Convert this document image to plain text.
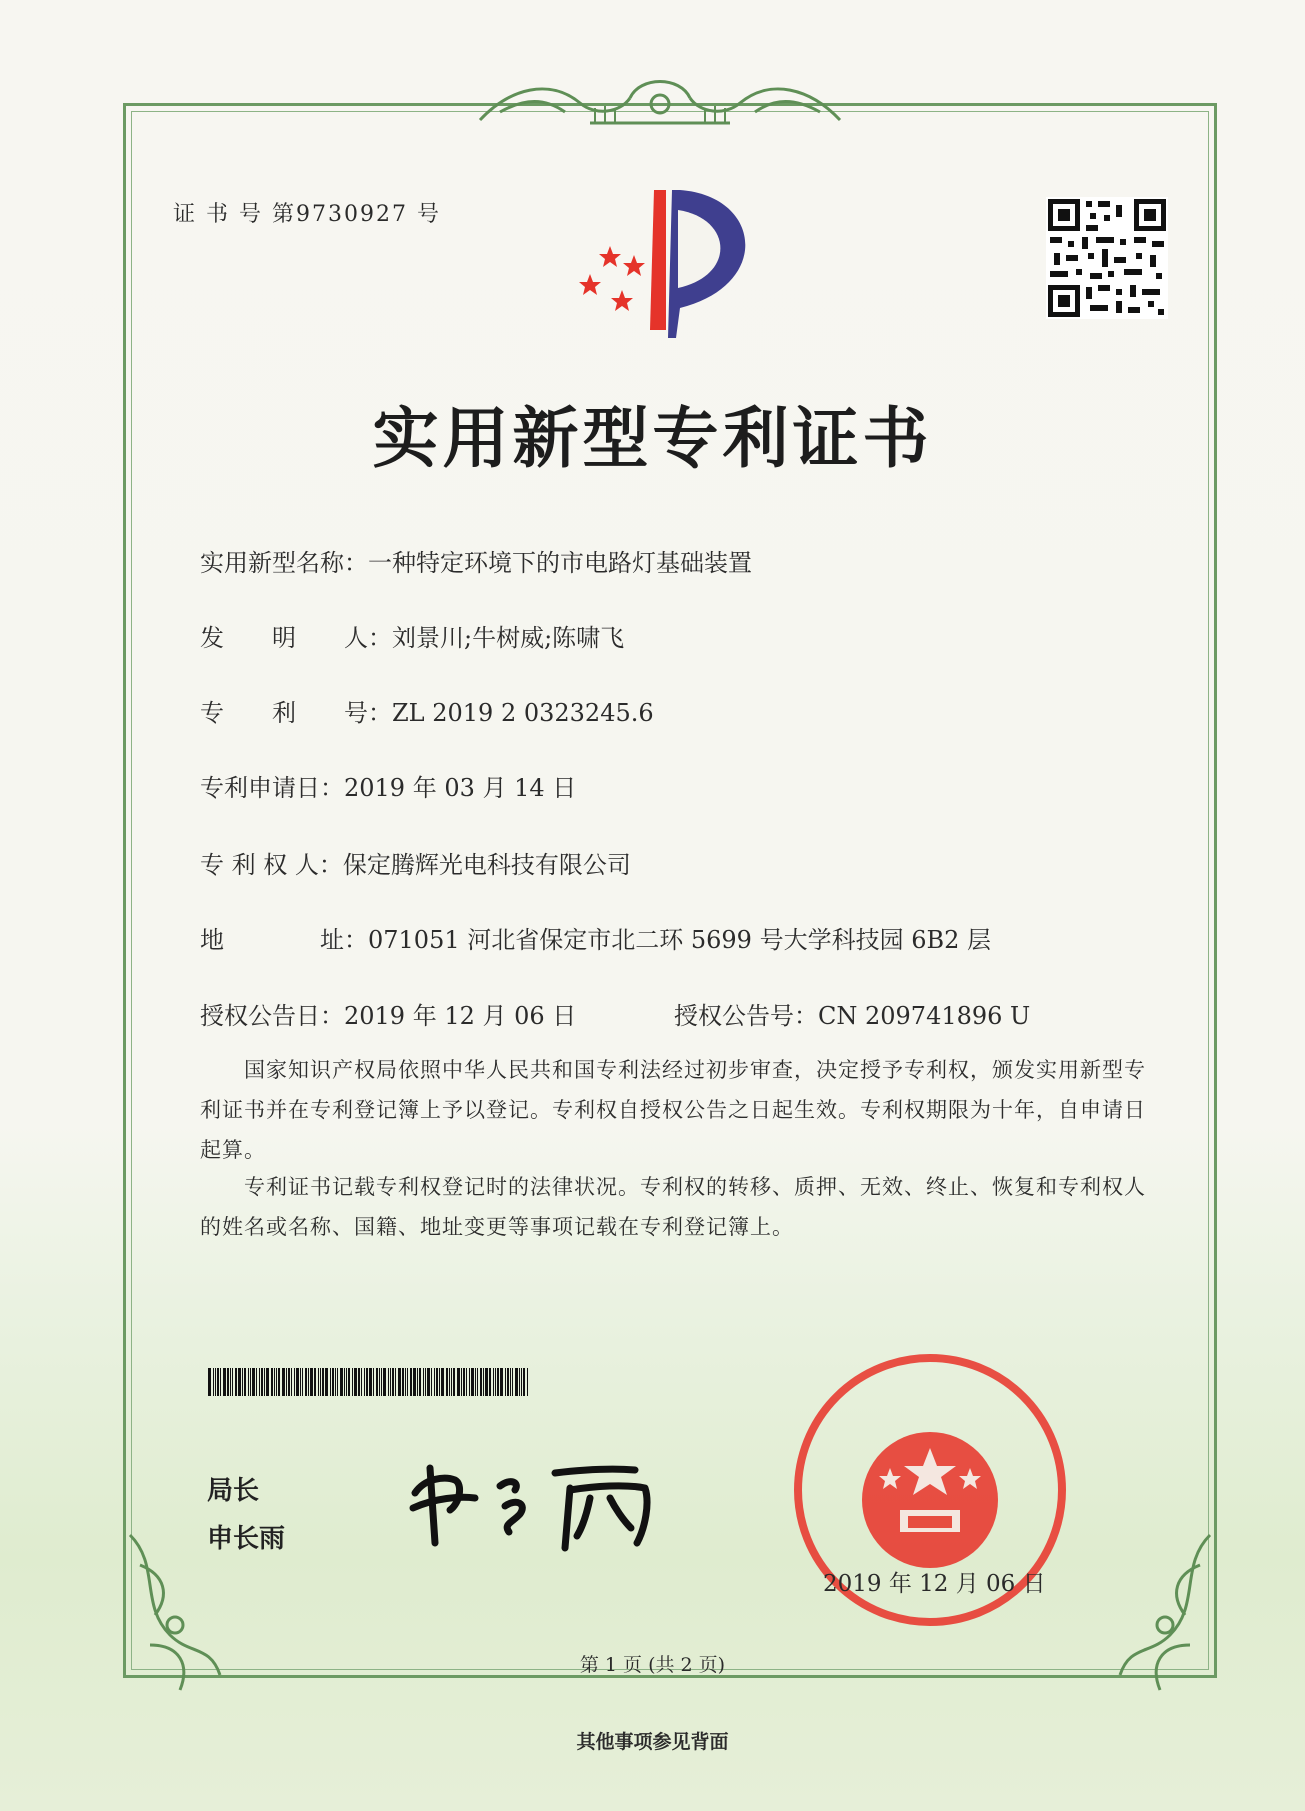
证 书 号 第9730927 号
实用新型专利证书
实用新型名称：一种特定环境下的市电路灯基础装置
发　　明　　人：刘景川;牛树威;陈啸飞
专　　利　　号：ZL 2019 2 0323245.6
专利申请日：2019 年 03 月 14 日
专 利 权 人：保定腾辉光电科技有限公司
地　　　　址：071051 河北省保定市北二环 5699 号大学科技园 6B2 层
授权公告日：2019 年 12 月 06 日	授权公告号：CN 209741896 U
国家知识产权局依照中华人民共和国专利法经过初步审查，决定授予专利权，颁发实用新型专利证书并在专利登记簿上予以登记。专利权自授权公告之日起生效。专利权期限为十年，自申请日起算。
专利证书记载专利权登记时的法律状况。专利权的转移、质押、无效、终止、恢复和专利权人的姓名或名称、国籍、地址变更等事项记载在专利登记簿上。
局长
申长雨
2019 年 12 月 06 日
第 1 页 (共 2 页)
其他事项参见背面
